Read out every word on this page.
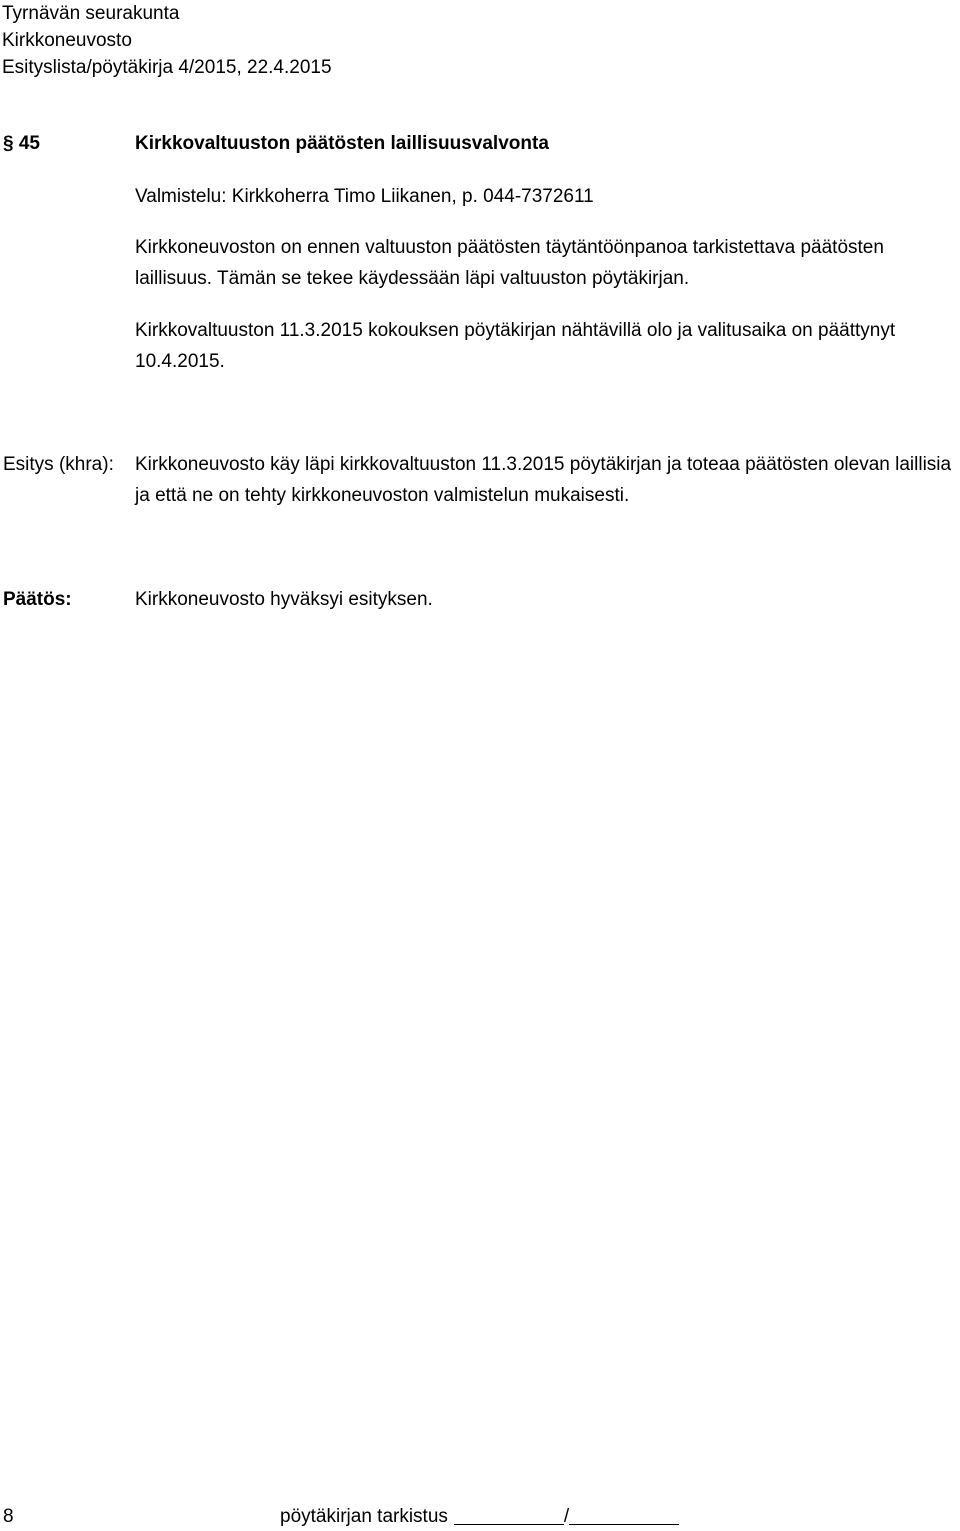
Tyrnävän seurakunta
Kirkkoneuvosto
Esityslista/pöytäkirja 4/2015, 22.4.2015
§ 45	Kirkkovaltuuston päätösten laillisuusvalvonta
Valmistelu: Kirkkoherra Timo Liikanen, p. 044-7372611
Kirkkoneuvoston on ennen valtuuston päätösten täytäntöönpanoa tarkistettava päätösten laillisuus. Tämän se tekee käydessään läpi valtuuston pöytäkirjan.
Kirkkovaltuuston 11.3.2015 kokouksen pöytäkirjan nähtävillä olo ja valitusaika on päättynyt 10.4.2015.
Esitys (khra): Kirkkoneuvosto käy läpi kirkkovaltuuston 11.3.2015 pöytäkirjan ja toteaa päätösten olevan laillisia ja että ne on tehty kirkkoneuvoston valmistelun mukaisesti.
Päätös:	Kirkkoneuvosto hyväksyi esityksen.
8	pöytäkirjan tarkistus	/
